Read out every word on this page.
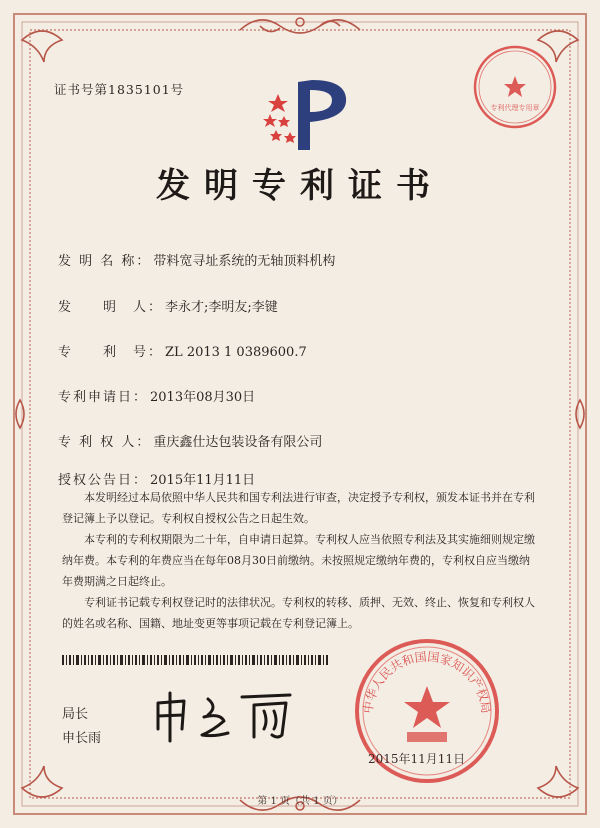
证书号第1835101号
专利代理专用章
发明专利证书
发 明 名 称： 带料宽寻址系统的无轴顶料机构
发　　明　人： 李永才;李明友;李键
专　　利　号： ZL 2013 1 0389600.7
专利申请日： 2013年08月30日
专 利 权 人： 重庆鑫仕达包装设备有限公司
授权公告日： 2015年11月11日

本发明经过本局依照中华人民共和国专利法进行审查，决定授予专利权，颁发本证书并在专利登记簿上予以登记。专利权自授权公告之日起生效。

本专利的专利权期限为二十年，自申请日起算。专利权人应当依照专利法及其实施细则规定缴纳年费。本专利的年费应当在每年08月30日前缴纳。未按照规定缴纳年费的，专利权自应当缴纳年费期满之日起终止。

专利证书记载专利权登记时的法律状况。专利权的转移、质押、无效、终止、恢复和专利权人的姓名或名称、国籍、地址变更等事项记载在专利登记簿上。

局长
申长雨
中华人民共和国国家知识产权局
2015年11月11日
第 1 页（共 1 页）
